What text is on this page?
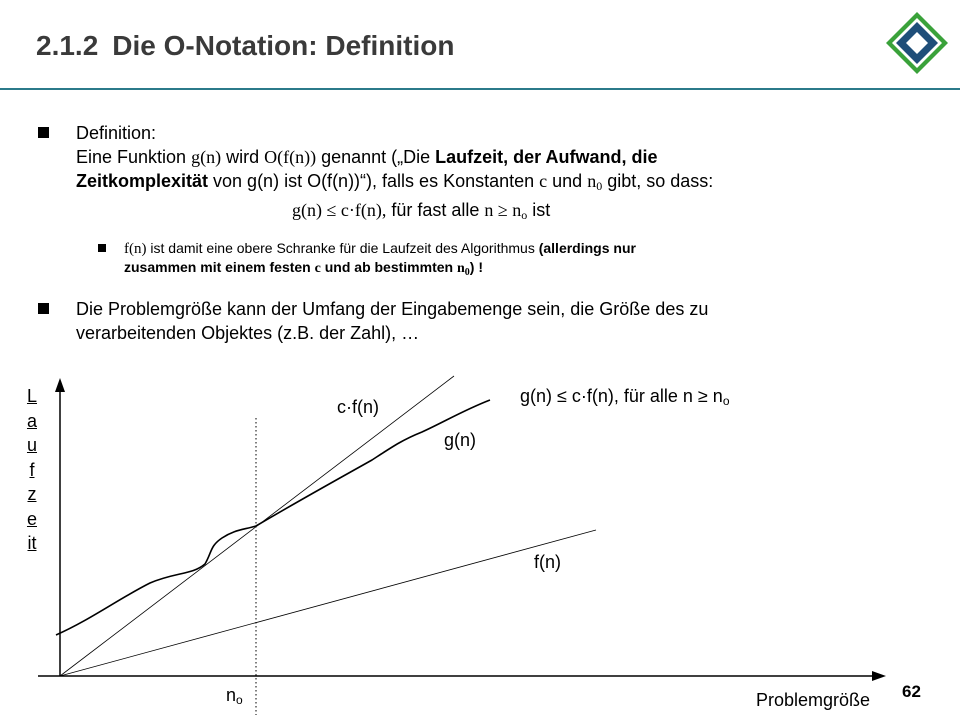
2.1.2 Die O-Notation: Definition
Definition:
Eine Funktion g(n) wird O(f(n)) genannt („Die Laufzeit, der Aufwand, die
Zeitkomplexität von g(n) ist O(f(n))“), falls es Konstanten c und $n_0$ gibt, so dass:
g(n) ≤ c·f(n), für fast alle $n \ge n_o$ ist
f(n) ist damit eine obere Schranke für die Laufzeit des Algorithmus (allerdings nur
zusammen mit einem festen c und ab bestimmten $n_0$) !
Die Problemgröße kann der Umfang der Eingabemenge sein, die Größe des zu
verarbeitenden Objektes (z.B. der Zahl), …
Laufzeit
c·f(n)
g(n)
f(n)
g(n) ≤ c·f(n), für alle $n \ge n_o$
$n_o$	Problemgröße 62
